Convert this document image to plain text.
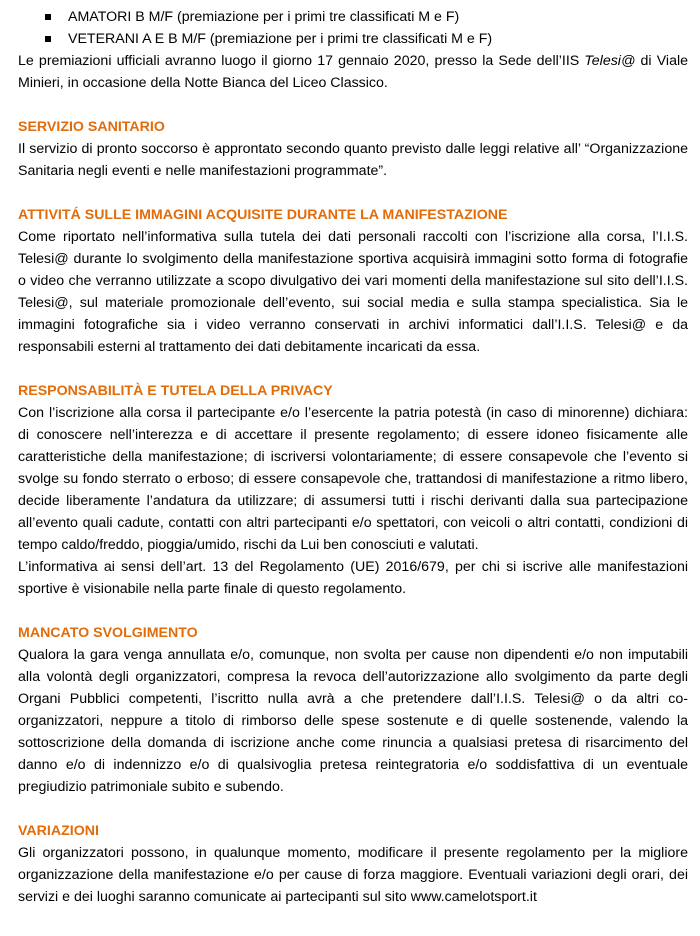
AMATORI B M/F (premiazione per i primi tre classificati M e F)
VETERANI A E B M/F (premiazione per i primi tre classificati M e F)

Le premiazioni ufficiali avranno luogo il giorno 17 gennaio 2020, presso la Sede dell’IIS Telesi@ di Viale Minieri, in occasione della Notte Bianca del Liceo Classico.

SERVIZIO SANITARIO

Il servizio di pronto soccorso è approntato secondo quanto previsto dalle leggi relative all’ “Organizzazione Sanitaria negli eventi e nelle manifestazioni programmate”.

ATTIVITÁ SULLE IMMAGINI ACQUISITE DURANTE LA MANIFESTAZIONE

Come riportato nell’informativa sulla tutela dei dati personali raccolti con l’iscrizione alla corsa, l’I.I.S. Telesi@ durante lo svolgimento della manifestazione sportiva acquisirà immagini sotto forma di fotografie o video che verranno utilizzate a scopo divulgativo dei vari momenti della manifestazione sul sito dell’I.I.S. Telesi@, sul materiale promozionale dell’evento, sui social media e sulla stampa specialistica. Sia le immagini fotografiche sia i video verranno conservati in archivi informatici dall’I.I.S. Telesi@ e da responsabili esterni al trattamento dei dati debitamente incaricati da essa.

RESPONSABILITÀ E TUTELA DELLA PRIVACY

Con l’iscrizione alla corsa il partecipante e/o l’esercente la patria potestà (in caso di minorenne) dichiara: di conoscere nell’interezza e di accettare il presente regolamento; di essere idoneo fisicamente alle caratteristiche della manifestazione; di iscriversi volontariamente; di essere consapevole che l’evento si svolge su fondo sterrato o erboso; di essere consapevole che, trattandosi di manifestazione a ritmo libero, decide liberamente l’andatura da utilizzare; di assumersi tutti i rischi derivanti dalla sua partecipazione all’evento quali cadute, contatti con altri partecipanti e/o spettatori, con veicoli o altri contatti, condizioni di tempo caldo/freddo, pioggia/umido, rischi da Lui ben conosciuti e valutati.

L’informativa ai sensi dell’art. 13 del Regolamento (UE) 2016/679, per chi si iscrive alle manifestazioni sportive è visionabile nella parte finale di questo regolamento.

MANCATO SVOLGIMENTO

Qualora la gara venga annullata e/o, comunque, non svolta per cause non dipendenti e/o non imputabili alla volontà degli organizzatori, compresa la revoca dell’autorizzazione allo svolgimento da parte degli Organi Pubblici competenti, l’iscritto nulla avrà a che pretendere dall’I.I.S. Telesi@ o da altri co-organizzatori, neppure a titolo di rimborso delle spese sostenute e di quelle sostenende, valendo la sottoscrizione della domanda di iscrizione anche come rinuncia a qualsiasi pretesa di risarcimento del danno e/o di indennizzo e/o di qualsivoglia pretesa reintegratoria e/o soddisfattiva di un eventuale pregiudizio patrimoniale subito e subendo.

VARIAZIONI

Gli organizzatori possono, in qualunque momento, modificare il presente regolamento per la migliore organizzazione della manifestazione e/o per cause di forza maggiore. Eventuali variazioni degli orari, dei servizi e dei luoghi saranno comunicate ai partecipanti sul sito www.camelotsport.it
